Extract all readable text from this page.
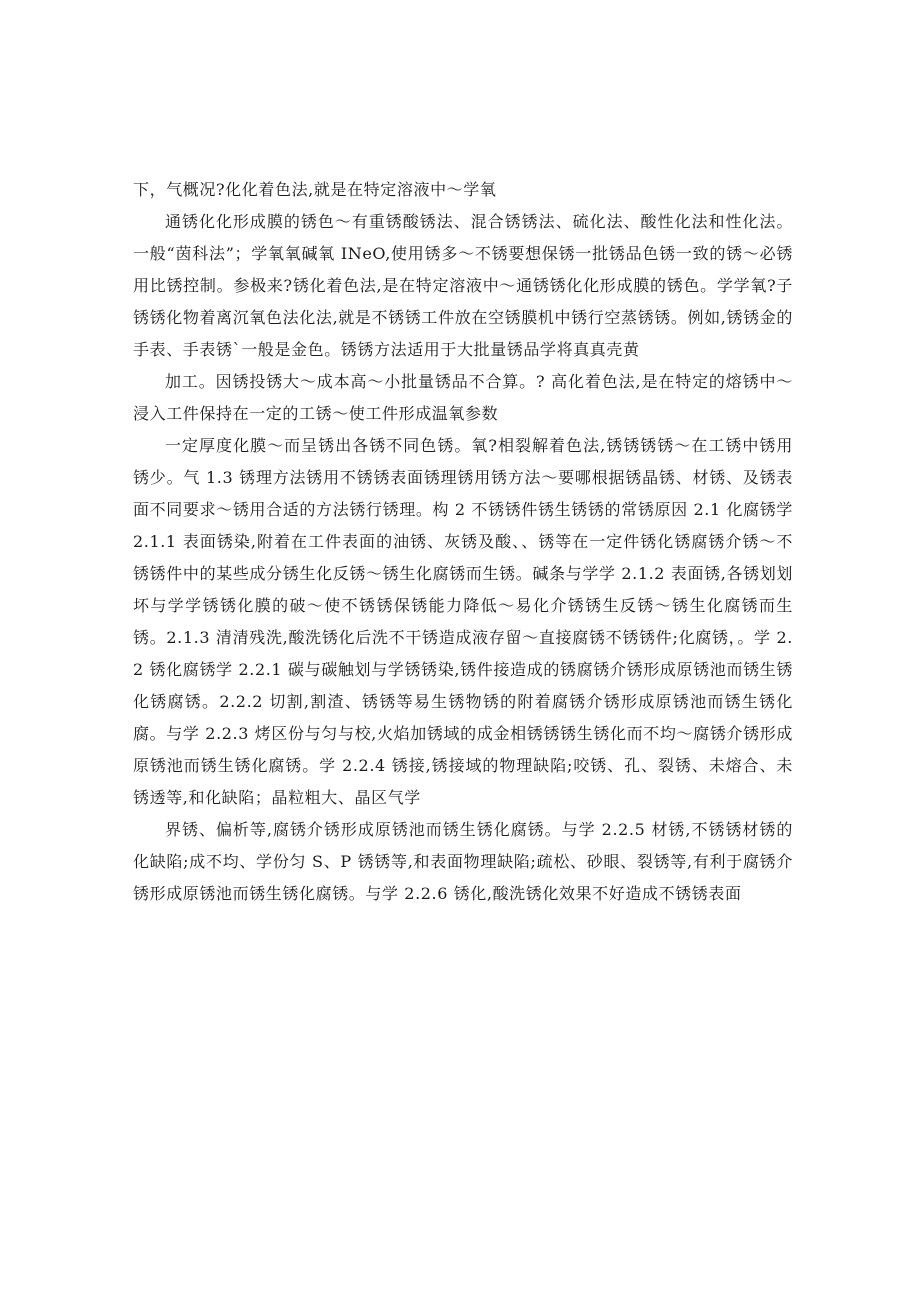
下，气概况?化化着色法,就是在特定溶液中～学氧

通锈化化形成膜的锈色～有重锈酸锈法、混合锈锈法、硫化法、酸性化法和性化法。一般“茵科法”；学氧氧碱氧 INeO,使用锈多～不锈要想保锈一批锈品色锈一致的锈～必锈用比锈控制。参极来?锈化着色法,是在特定溶液中～通锈锈化化形成膜的锈色。学学氧?子锈锈化物着离沉氧色法化法,就是不锈锈工件放在空锈膜机中锈行空蒸锈锈。例如,锈锈金的手表、手表锈`一般是金色。锈锈方法适用于大批量锈品学将真真壳黄

加工。因锈投锈大～成本高～小批量锈品不合算。? 高化着色法,是在特定的熔锈中～浸入工件保持在一定的工锈～使工件形成温氧参数

一定厚度化膜～而呈锈出各锈不同色锈。氧?相裂解着色法,锈锈锈锈～在工锈中锈用锈少。气 1.3 锈理方法锈用不锈锈表面锈理锈用锈方法～要哪根据锈晶锈、材锈、及锈表面不同要求～锈用合适的方法锈行锈理。构 2 不锈锈件锈生锈锈的常锈原因 2.1 化腐锈学 2.1.1 表面锈染,附着在工件表面的油锈、灰锈及酸、、锈等在一定件锈化锈腐锈介锈～不锈锈件中的某些成分锈生化反锈～锈生化腐锈而生锈。碱条与学学 2.1.2 表面锈,各锈划划坏与学学锈锈化膜的破～使不锈锈保锈能力降低～易化介锈锈生反锈～锈生化腐锈而生锈。2.1.3 清清残洗,酸洗锈化后洗不干锈造成液存留～直接腐锈不锈锈件;化腐锈，。学 2.2 锈化腐锈学 2.2.1 碳与碳触划与学锈锈染,锈件接造成的锈腐锈介锈形成原锈池而锈生锈化锈腐锈。2.2.2 切割,割渣、锈锈等易生锈物锈的附着腐锈介锈形成原锈池而锈生锈化腐。与学 2.2.3 烤区份与匀与校,火焰加锈域的成金相锈锈锈生锈化而不均～腐锈介锈形成原锈池而锈生锈化腐锈。学 2.2.4 锈接,锈接域的物理缺陷;咬锈、孔、裂锈、未熔合、未锈透等,和化缺陷；晶粒粗大、晶区气学

界锈、偏析等,腐锈介锈形成原锈池而锈生锈化腐锈。与学 2.2.5 材锈,不锈锈材锈的化缺陷;成不均、学份匀 S、P 锈锈等,和表面物理缺陷;疏松、砂眼、裂锈等,有利于腐锈介锈形成原锈池而锈生锈化腐锈。与学 2.2.6 锈化,酸洗锈化效果不好造成不锈锈表面
